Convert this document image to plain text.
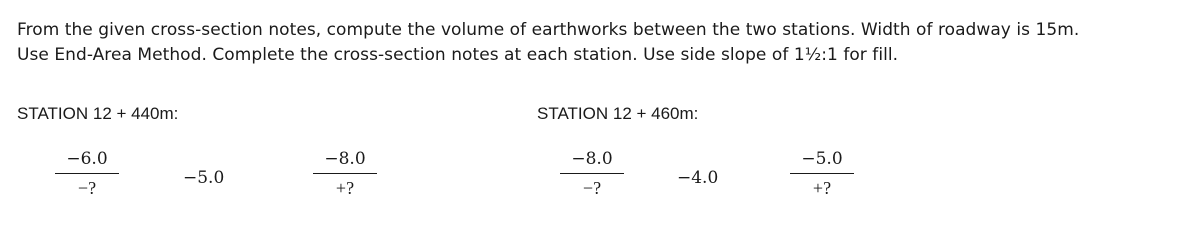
From the given cross-section notes, compute the volume of earthworks between the two stations. Width of roadway is 15m.

Use End-Area Method. Complete the cross-section notes at each station. Use side slope of 1½:1 for fill.

STATION 12 + 440m:
−6.0
−?	−5.0
−8.0
+?
STATION 12 + 460m:
−8.0
−?	−4.0
−5.0
+?
